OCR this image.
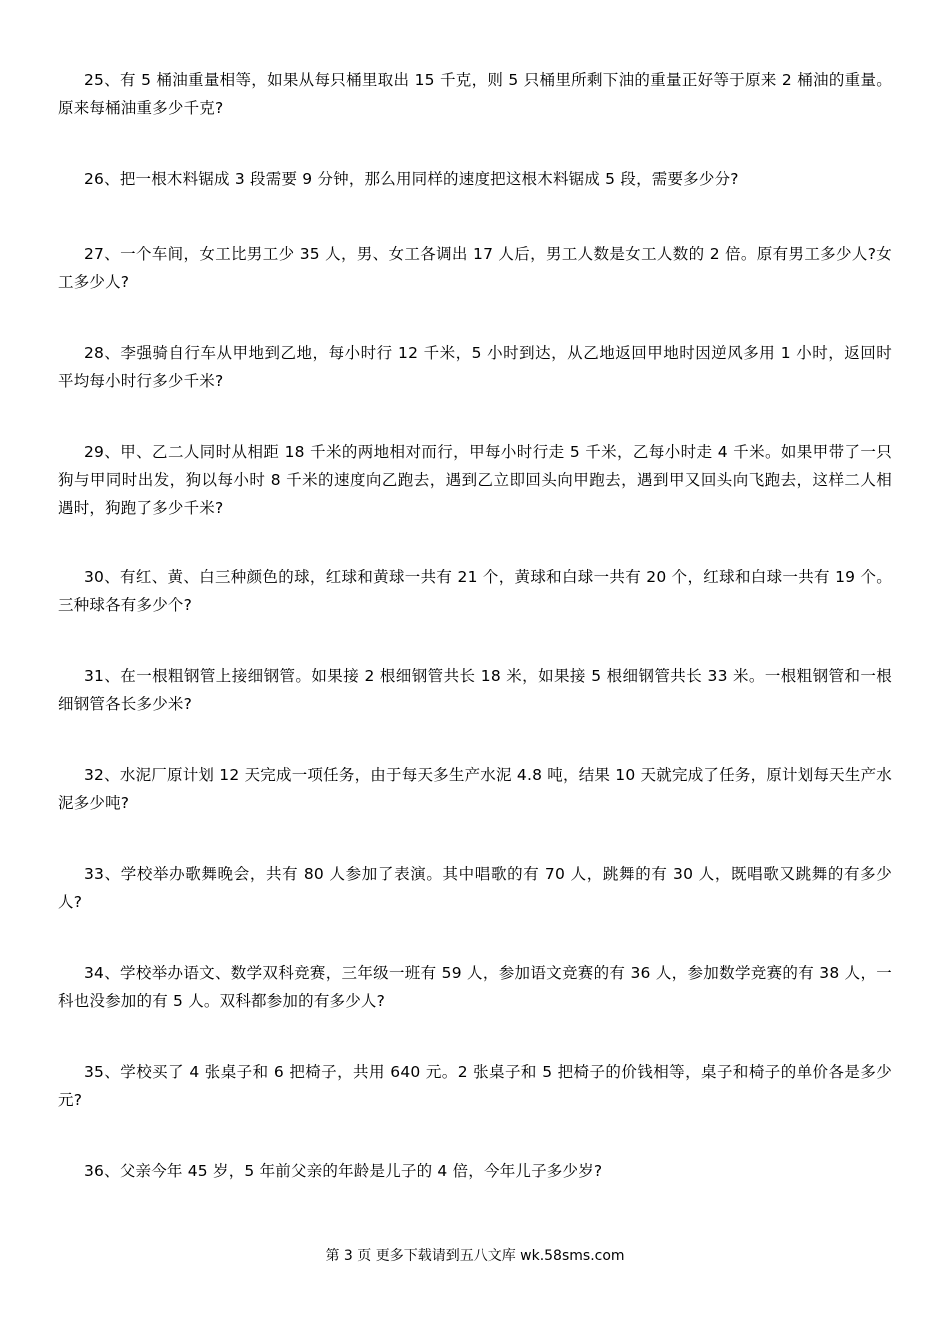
25、有 5 桶油重量相等，如果从每只桶里取出 15 千克，则 5 只桶里所剩下油的重量正好等于原来 2 桶油的重量。原来每桶油重多少千克?

26、把一根木料锯成 3 段需要 9 分钟，那么用同样的速度把这根木料锯成 5 段，需要多少分?

27、一个车间，女工比男工少 35 人，男、女工各调出 17 人后，男工人数是女工人数的 2 倍。原有男工多少人?女工多少人?

28、李强骑自行车从甲地到乙地，每小时行 12 千米，5 小时到达，从乙地返回甲地时因逆风多用 1 小时，返回时平均每小时行多少千米?

29、甲、乙二人同时从相距 18 千米的两地相对而行，甲每小时行走 5 千米，乙每小时走 4 千米。如果甲带了一只狗与甲同时出发，狗以每小时 8 千米的速度向乙跑去，遇到乙立即回头向甲跑去，遇到甲又回头向飞跑去，这样二人相遇时，狗跑了多少千米?

30、有红、黄、白三种颜色的球，红球和黄球一共有 21 个，黄球和白球一共有 20 个，红球和白球一共有 19 个。三种球各有多少个?

31、在一根粗钢管上接细钢管。如果接 2 根细钢管共长 18 米，如果接 5 根细钢管共长 33 米。一根粗钢管和一根细钢管各长多少米?

32、水泥厂原计划 12 天完成一项任务，由于每天多生产水泥 4.8 吨，结果 10 天就完成了任务，原计划每天生产水泥多少吨?

33、学校举办歌舞晚会，共有 80 人参加了表演。其中唱歌的有 70 人，跳舞的有 30 人，既唱歌又跳舞的有多少人?

34、学校举办语文、数学双科竞赛，三年级一班有 59 人，参加语文竞赛的有 36 人，参加数学竞赛的有 38 人，一科也没参加的有 5 人。双科都参加的有多少人?

35、学校买了 4 张桌子和 6 把椅子，共用 640 元。2 张桌子和 5 把椅子的价钱相等，桌子和椅子的单价各是多少元?

36、父亲今年 45 岁，5 年前父亲的年龄是儿子的 4 倍，今年儿子多少岁?

第 3 页 更多下载请到五八文库 wk.58sms.com
